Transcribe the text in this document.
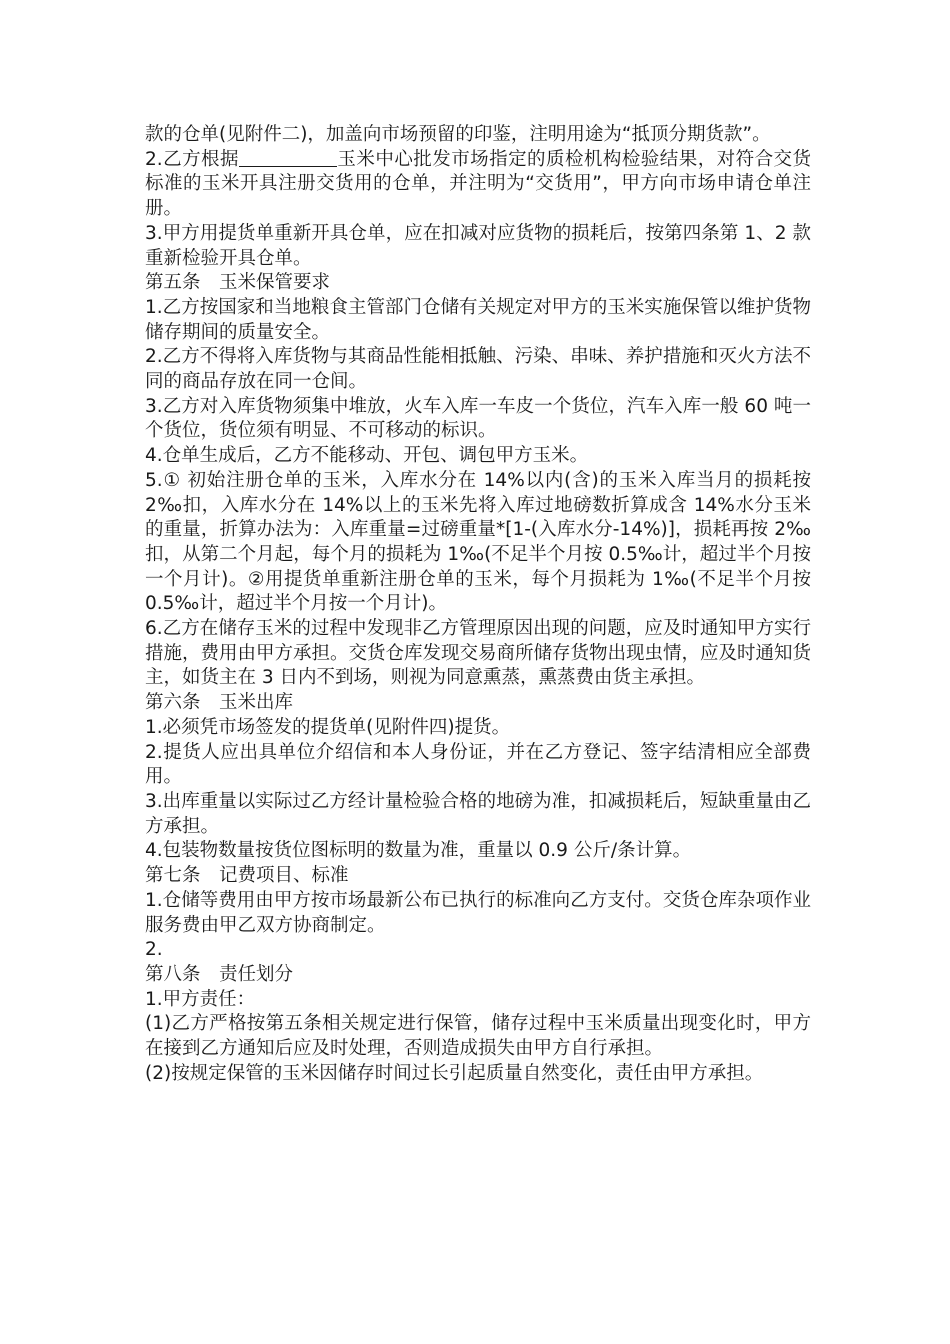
款的仓单(见附件二)，加盖向市场预留的印鉴，注明用途为“抵顶分期货款”。

2.乙方根据	玉米中心批发市场指定的质检机构检验结果，对符合交货标准的玉米开具注册交货用的仓单，并注明为“交货用”，甲方向市场申请仓单注册。

3.甲方用提货单重新开具仓单，应在扣减对应货物的损耗后，按第四条第 1、2 款重新检验开具仓单。

第五条　玉米保管要求

1.乙方按国家和当地粮食主管部门仓储有关规定对甲方的玉米实施保管以维护货物储存期间的质量安全。

2.乙方不得将入库货物与其商品性能相抵触、污染、串味、养护措施和灭火方法不同的商品存放在同一仓间。

3.乙方对入库货物须集中堆放，火车入库一车皮一个货位，汽车入库一般 60 吨一个货位，货位须有明显、不可移动的标识。

4.仓单生成后，乙方不能移动、开包、调包甲方玉米。

5.① 初始注册仓单的玉米，入库水分在 14%以内(含)的玉米入库当月的损耗按 2‰扣，入库水分在 14%以上的玉米先将入库过地磅数折算成含 14%水分玉米的重量，折算办法为：入库重量=过磅重量*[1-(入库水分-14%)]，损耗再按 2‰扣，从第二个月起，每个月的损耗为 1‰(不足半个月按 0.5‰计，超过半个月按一个月计)。②用提货单重新注册仓单的玉米，每个月损耗为 1‰(不足半个月按 0.5‰计，超过半个月按一个月计)。

6.乙方在储存玉米的过程中发现非乙方管理原因出现的问题，应及时通知甲方实行措施，费用由甲方承担。交货仓库发现交易商所储存货物出现虫情，应及时通知货主，如货主在 3 日内不到场，则视为同意熏蒸，熏蒸费由货主承担。

第六条　玉米出库

1.必须凭市场签发的提货单(见附件四)提货。

2.提货人应出具单位介绍信和本人身份证，并在乙方登记、签字结清相应全部费用。

3.出库重量以实际过乙方经计量检验合格的地磅为准，扣减损耗后，短缺重量由乙方承担。

4.包装物数量按货位图标明的数量为准，重量以 0.9 公斤/条计算。

第七条　记费项目、标准

1.仓储等费用由甲方按市场最新公布已执行的标准向乙方支付。交货仓库杂项作业服务费由甲乙双方协商制定。

2.

第八条　责任划分

1.甲方责任：

(1)乙方严格按第五条相关规定进行保管，储存过程中玉米质量出现变化时，甲方在接到乙方通知后应及时处理，否则造成损失由甲方自行承担。

(2)按规定保管的玉米因储存时间过长引起质量自然变化，责任由甲方承担。
